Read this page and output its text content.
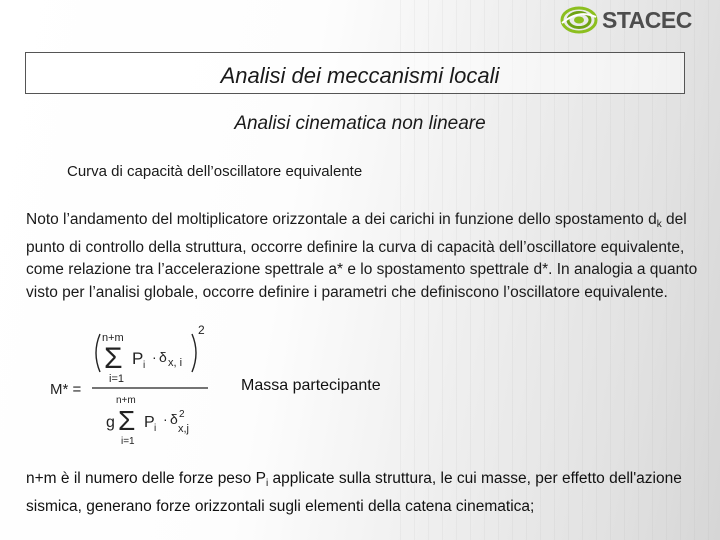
STACEC
Analisi dei meccanismi locali
Analisi cinematica non lineare
Curva di capacità dell’oscillatore equivalente
Noto l’andamento del moltiplicatore orizzontale a dei carichi in funzione dello spostamento $d_k$ del punto di controllo della struttura, occorre definire la curva di capacità dell’oscillatore equivalente, come relazione tra l’accelerazione spettrale a* e lo spostamento spettrale d*. In analogia a quanto visto per l’analisi globale, occorre definire i parametri che definiscono l’oscillatore equivalente.
n+m
Σ
i=1
P i
· δ x, i
2
M* =
n+m
g Σ
i=1
P i
· δ 2
x,j
Massa partecipante
n+m è il numero delle forze peso $P_i$ applicate sulla struttura, le cui masse, per effetto dell'azione sismica, generano forze orizzontali sugli elementi della catena cinematica;
